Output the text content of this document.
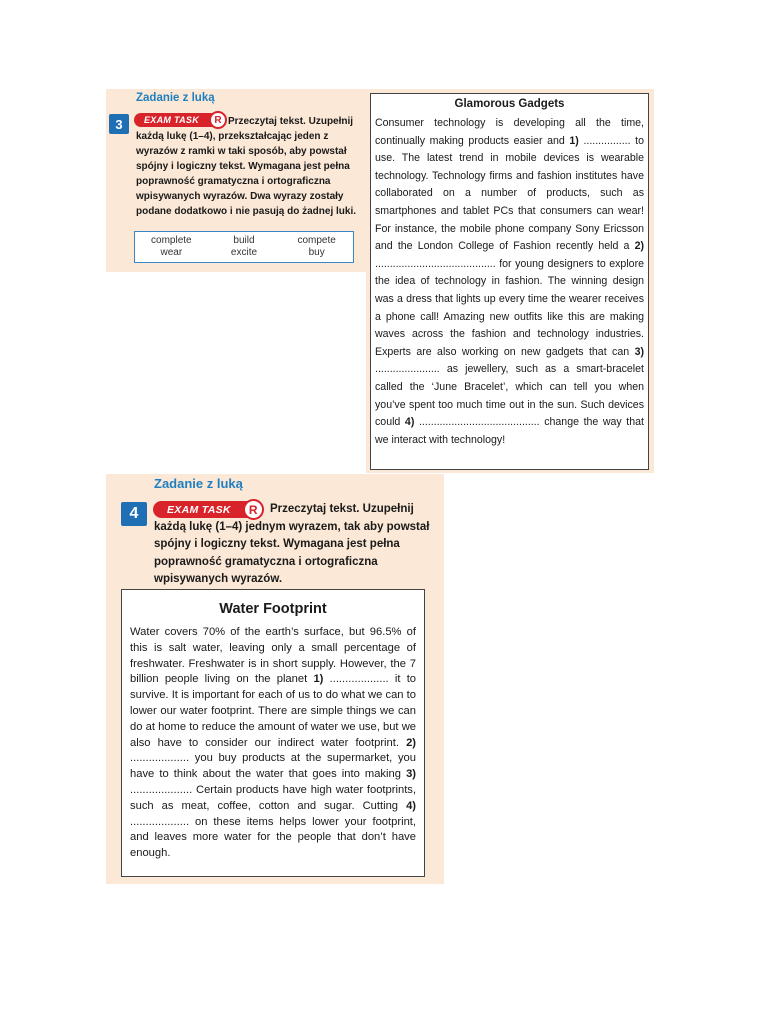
Zadanie z luką
3	EXAM TASK	R Przeczytaj tekst. Uzupełnij każdą lukę (1–4), przekształcając jeden z wyrazów z ramki w taki sposób, aby powstał spójny i logiczny tekst. Wymagana jest pełna poprawność gramatyczna i ortograficzna wpisywanych wyrazów. Dwa wyrazy zostały podane dodatkowo i nie pasują do żadnej luki.
complete	build	compete
wear	excite	buy
Glamorous Gadgets
Consumer technology is developing all the time, continually making products easier and 1) ................ to use. The latest trend in mobile devices is wearable technology. Technology firms and fashion institutes have collaborated on a number of products, such as smartphones and tablet PCs that consumers can wear! For instance, the mobile phone company Sony Ericsson and the London College of Fashion recently held a 2) ......................................... for young designers to explore the idea of technology in fashion. The winning design was a dress that lights up every time the wearer receives a phone call! Amazing new outfits like this are making waves across the fashion and technology industries. Experts are also working on new gadgets that can 3) ...................... as jewellery, such as a smart-bracelet called the ‘June Bracelet’, which can tell you when you’ve spent too much time out in the sun. Such devices could 4) ......................................... change the way that we interact with technology!
Zadanie z luką
4	EXAM TASK	R	Przeczytaj tekst. Uzupełnij każdą lukę (1–4) jednym wyrazem, tak aby powstał spójny i logiczny tekst. Wymagana jest pełna poprawność gramatyczna i ortograficzna wpisywanych wyrazów.
Water Footprint
Water covers 70% of the earth’s surface, but 96.5% of this is salt water, leaving only a small percentage of freshwater. Freshwater is in short supply. However, the 7 billion people living on the planet 1) ................... it to survive. It is important for each of us to do what we can to lower our water footprint. There are simple things we can do at home to reduce the amount of water we use, but we also have to consider our indirect water footprint. 2) ................... you buy products at the supermarket, you have to think about the water that goes into making 3) .................... Certain products have high water footprints, such as meat, coffee, cotton and sugar. Cutting 4) ................... on these items helps lower your footprint, and leaves more water for the people that don’t have enough.
